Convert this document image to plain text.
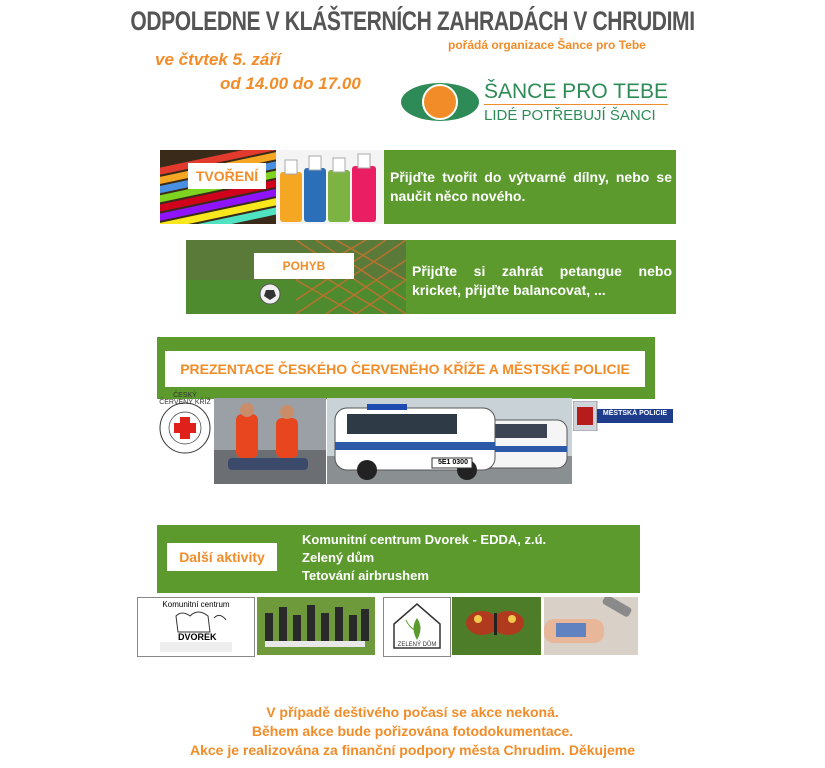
ODPOLEDNE V KLÁŠTERNÍCH ZAHRADÁCH V CHRUDIMI
pořádá organizace Šance pro Tebe
ve čtvtek 5. září
od 14.00 do 17.00	ŠANCE PRO TEBE
LIDÉ POTŘEBUJÍ ŠANCI
TVOŘENÍ	Přijďte tvořit do výtvarné dílny, nebo se naučit něco nového.
POHYB	Přijďte si zahrát petangue nebo kricket, přijďte balancovat, ...
PREZENTACE ČESKÉHO ČERVENÉHO KŘÍŽE A MĚSTSKÉ POLICIE
ČESKÝ ČERVENÝ KŘÍŽ
5E1 0300
MĚSTSKÁ POLICIE
Další aktivity
Komunitní centrum Dvorek - EDDA, z.ú.
Zelený dům
Tetování airbrushem
Komunitní centrum
DVOREK
ZELENÝ DŮM
V případě deštivého počasí se akce nekoná.
Během akce bude pořizována fotodokumentace.
Akce je realizována za finanční podpory města Chrudim. Děkujeme
